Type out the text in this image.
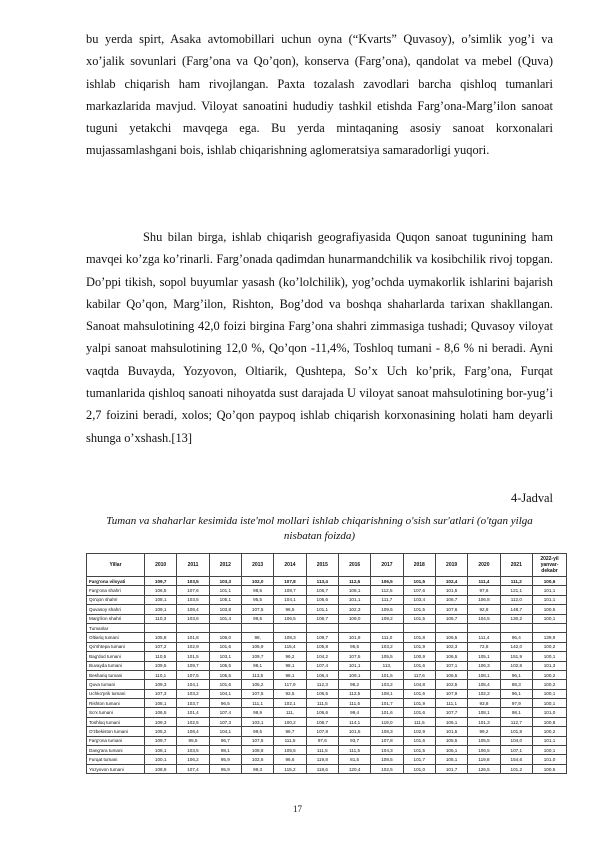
bu yerda spirt, Asaka avtomobillari uchun oyna (“Kvarts” Quvasoy), o’simlik yog’i va xo’jalik sovunlari (Farg’ona va Qo’qon), konserva (Farg’ona), qandolat va mebel (Quva) ishlab chiqarish ham rivojlangan. Paxta tozalash zavodlari barcha qishloq tumanlari markazlarida mavjud. Viloyat sanoatini hududiy tashkil etishda Farg’ona-Marg’ilon sanoat tuguni yetakchi mavqega ega. Bu yerda mintaqaning asosiy sanoat korxonalari mujassamlashgani bois, ishlab chiqarishning aglomeratsiya samaradorligi yuqori.

Shu bilan birga, ishlab chiqarish geografiyasida Quqon sanoat tugunining ham mavqei ko’zga ko’rinarli. Farg’onada qadimdan hunarmandchilik va kosibchilik rivoj topgan. Do’ppi tikish, sopol buyumlar yasash (ko’lolchilik), yog’ochda uymakorlik ishlarini bajarish kabilar Qo’qon, Marg’ilon, Rishton, Bog’dod va boshqa shaharlarda tarixan shakllangan. Sanoat mahsulotining 42,0 foizi birgina Farg’ona shahri zimmasiga tushadi; Quvasoy viloyat yalpi sanoat mahsulotining 12,0 %, Qo’qon -11,4%, Toshloq tumani - 8,6 % ni beradi. Ayni vaqtda Buvayda, Yozyovon, Oltiarik, Qushtepa, So’x Uch ko’prik, Farg’ona, Furqat tumanlarida qishloq sanoati nihoyatda sust darajada U viloyat sanoat mahsulotining bor-yug’i 2,7 foizini beradi, xolos; Qo’qon paypoq ishlab chiqarish korxonasining holati ham deyarli shunga o’xshash.[13]

4-Jadval
Tuman va shaharlar kesimida iste'mol mollari ishlab chiqarishning o'sish sur'atlari (o'tgan yilga nisbatan foizda)
Yillar	2010	2011	2012	2013	2014	2015	2016	2017	2018	2019	2020	2021	2022-yil yanvar-dekabr
Farg'ona viloyati	109,7	103,5	103,3	102,0	107,8	113,4	112,5	106,5	101,5	102,4	111,4	111,2	100,6
Farg'ona shahri	106,5	107,6	101,1	98,5	108,7	106,7	108,1	112,5	107,6	101,5	97,6	121,1	101,1
Qo'qon shahri	108,1	103,5	105,1	95,5	104,1	106,6	101,1	111,7	103,4	106,7	106,8	112,0	101,1
Quvasoy shahri	109,1	108,4	103,8	107,5	96,5	101,1	102,3	109,5	101,5	107,6	92,8	148,7	100,5
Marg'ilon shahri	110,3	103,6	101,4	99,5	106,5	106,7	109,0	109,2	101,5	106,7	104,5	130,2	100,1
Tumanlar													
Oltiariq tumani	105,8	101,8	106,0	98,	108,3	109,7	101,9	111,0	101,8	106,5	111,4	96,4	139,9
Qo'shtepa tumani	107,2	102,9	101,6	106,9	115,4	105,8	95,5	103,2	101,9	102,3	72,8	142,0	100,2
Bag'dod tumani	110,5	101,5	103,1	109,7	96,2	104,2	107,5	105,5	100,9	106,5	105,1	151,9	100,1
Buvayda tumani	109,5	109,7	105,5	98,1	98,1	107,4	101,1	113,	101,6	107,1	106,3	102,8	101,3
Beshariq tumani	110,1	107,5	105,5	113,5	98,1	106,4	109,1	101,5	117,6	106,5	108,1	96,1	100,2
Quva tumani	109,3	104,1	101,6	105,2	117,9	112,3	98,2	103,2	104,8	102,5	105,4	88,3	100,2
Uchko'prik tumani	107,3	103,2	104,1	107,5	92,5	106,5	112,5	108,1	101,6	107,9	102,2	96,1	100,1
Rishton tumani	108,1	103,7	96,5	111,1	102,1	111,5	111,5	101,7	101,9	111,1	93,8	97,9	100,1
So'x tumani	106,5	101,4	107,4	98,9	111,	106,6	99,4	101,6	101,6	107,7	108,1	98,1	101,0
Toshloq tumani	109,3	102,5	107,3	103,1	100,2	106,7	114,1	119,0	111,5	106,1	101,3	112,7	100,8
O'zbekiston tumani	105,2	108,4	104,1	99,5	96,7	107,8	101,5	108,3	102,9	101,5	99,2	101,8	100,2
Farg'ona tumani	109,7	95,5	96,7	107,5	111,5	97,6	93,7	107,8	101,6	105,5	105,5	104,0	101,1
Dang'ara tumani	108,1	103,5	98,1	108,8	105,5	111,5	111,5	104,3	101,5	105,1	106,5	107,1	100,1
Furqat tumani	100,1	106,2	95,9	102,6	96,6	119,8	81,5	108,5	101,7	105,1	119,8	154,6	101,0
Yozyovon tumani	108,9	107,4	95,9	99,3	115,2	118,6	120,4	102,5	101,0	101,7	126,5	101,2	100,5
17
